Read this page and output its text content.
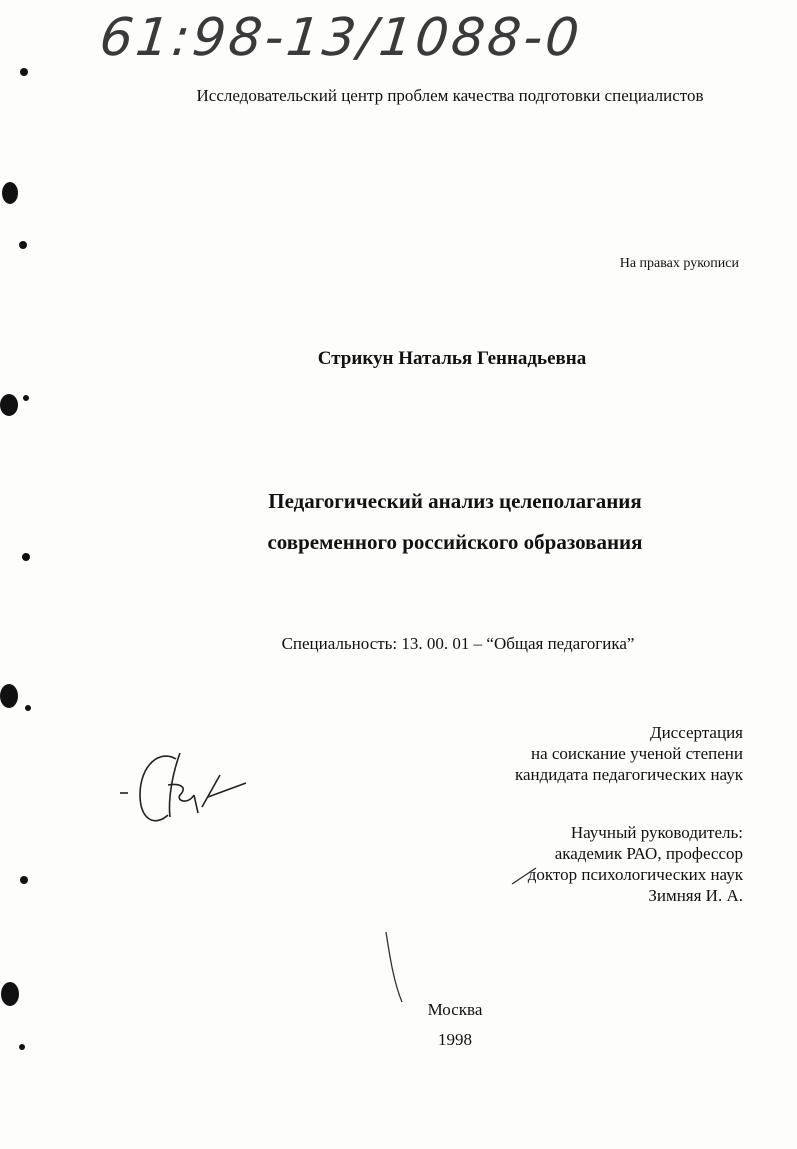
61:98-13/1088-0
Исследовательский центр проблем качества подготовки специалистов
На правах рукописи
Стрикун Наталья Геннадьевна
Педагогический анализ целеполагания
современного российского образования
Специальность: 13. 00. 01 – “Общая педагогика”
Диссертация
на соискание ученой степени
кандидата педагогических наук
Научный руководитель:
академик РАО, профессор
доктор психологических наук
Зимняя И. А.
Москва
1998
